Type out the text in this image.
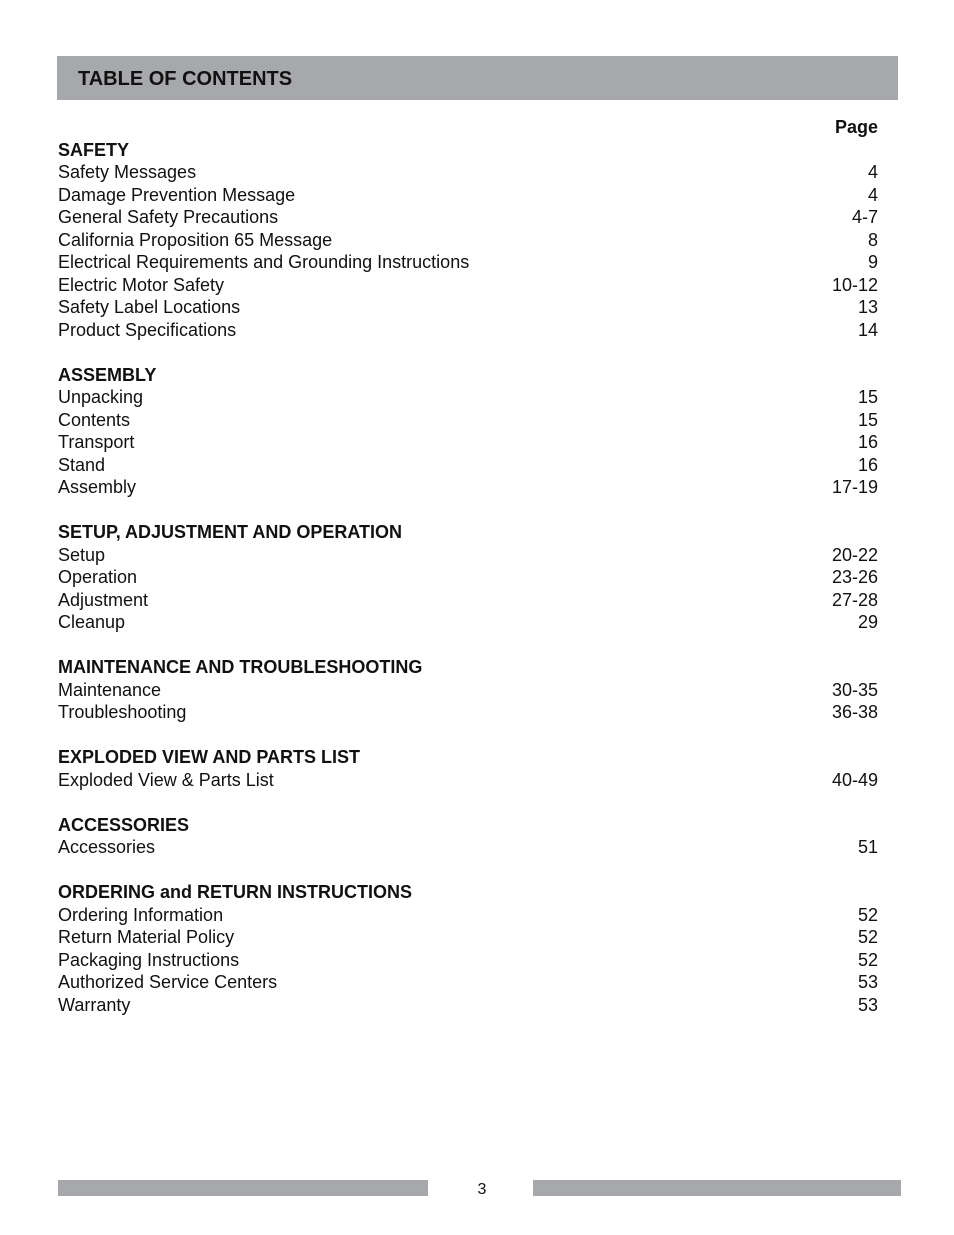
TABLE OF CONTENTS
Page
SAFETY
Safety Messages	4
Damage Prevention Message	4
General Safety Precautions	4-7
California Proposition 65 Message	8
Electrical Requirements and Grounding Instructions	9
Electric Motor Safety	10-12
Safety Label Locations	13
Product Specifications	14
ASSEMBLY
Unpacking	15
Contents	15
Transport	16
Stand	16
Assembly	17-19
SETUP, ADJUSTMENT AND OPERATION
Setup	20-22
Operation	23-26
Adjustment	27-28
Cleanup	29
MAINTENANCE AND TROUBLESHOOTING
Maintenance	30-35
Troubleshooting	36-38
EXPLODED VIEW AND PARTS LIST
Exploded View & Parts List	40-49
ACCESSORIES
Accessories	51
ORDERING and RETURN INSTRUCTIONS
Ordering Information	52
Return Material Policy	52
Packaging Instructions	52
Authorized Service Centers	53
Warranty	53
3
